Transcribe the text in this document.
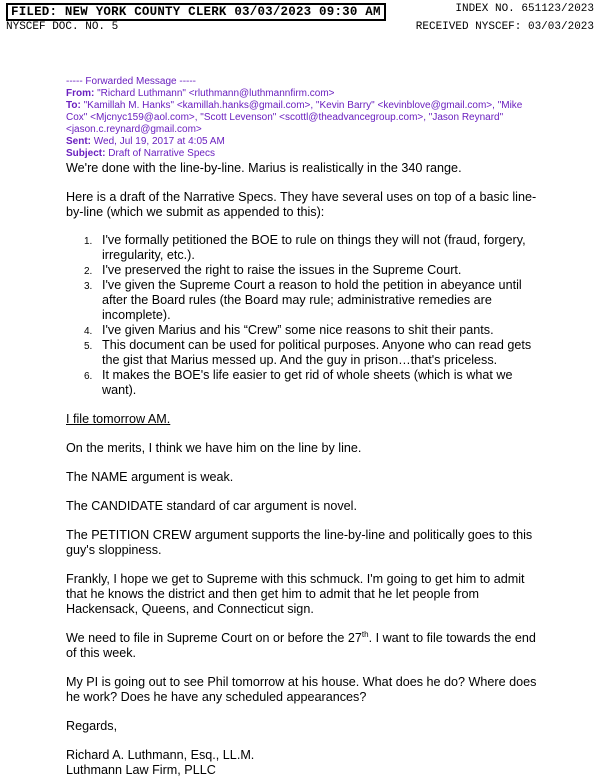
FILED: NEW YORK COUNTY CLERK 03/03/2023 09:30 AM	INDEX NO. 651123/2023
NYSCEF DOC. NO. 5	RECEIVED NYSCEF: 03/03/2023
----- Forwarded Message -----
From: "Richard Luthmann" <rluthmann@luthmannfirm.com>
To: "Kamillah M. Hanks" <kamillah.hanks@gmail.com>, "Kevin Barry" <kevinblove@gmail.com>, "Mike Cox" <Mjcnyc159@aol.com>, "Scott Levenson" <scottl@theadvancegroup.com>, "Jason Reynard" <jason.c.reynard@gmail.com>
Sent: Wed, Jul 19, 2017 at 4:05 AM
Subject: Draft of Narrative Specs

We're done with the line-by-line. Marius is realistically in the 340 range.

Here is a draft of the Narrative Specs. They have several uses on top of a basic line-by-line (which we submit as appended to this):

1. I've formally petitioned the BOE to rule on things they will not (fraud, forgery, irregularity, etc.).
2. I've preserved the right to raise the issues in the Supreme Court.
3. I've given the Supreme Court a reason to hold the petition in abeyance until after the Board rules (the Board may rule; administrative remedies are incomplete).
4. I've given Marius and his “Crew” some nice reasons to shit their pants.
5. This document can be used for political purposes. Anyone who can read gets the gist that Marius messed up. And the guy in prison…that's priceless.
6. It makes the BOE's life easier to get rid of whole sheets (which is what we want).

I file tomorrow AM.

On the merits, I think we have him on the line by line.

The NAME argument is weak.

The CANDIDATE standard of car argument is novel.

The PETITION CREW argument supports the line-by-line and politically goes to this guy's sloppiness.

Frankly, I hope we get to Supreme with this schmuck. I'm going to get him to admit that he knows the district and then get him to admit that he let people from Hackensack, Queens, and Connecticut sign.

We need to file in Supreme Court on or before the 27th. I want to file towards the end of this week.

My PI is going out to see Phil tomorrow at his house. What does he do? Where does he work? Does he have any scheduled appearances?

Regards,

Richard A. Luthmann, Esq., LL.M.

Luthmann Law Firm, PLLC
